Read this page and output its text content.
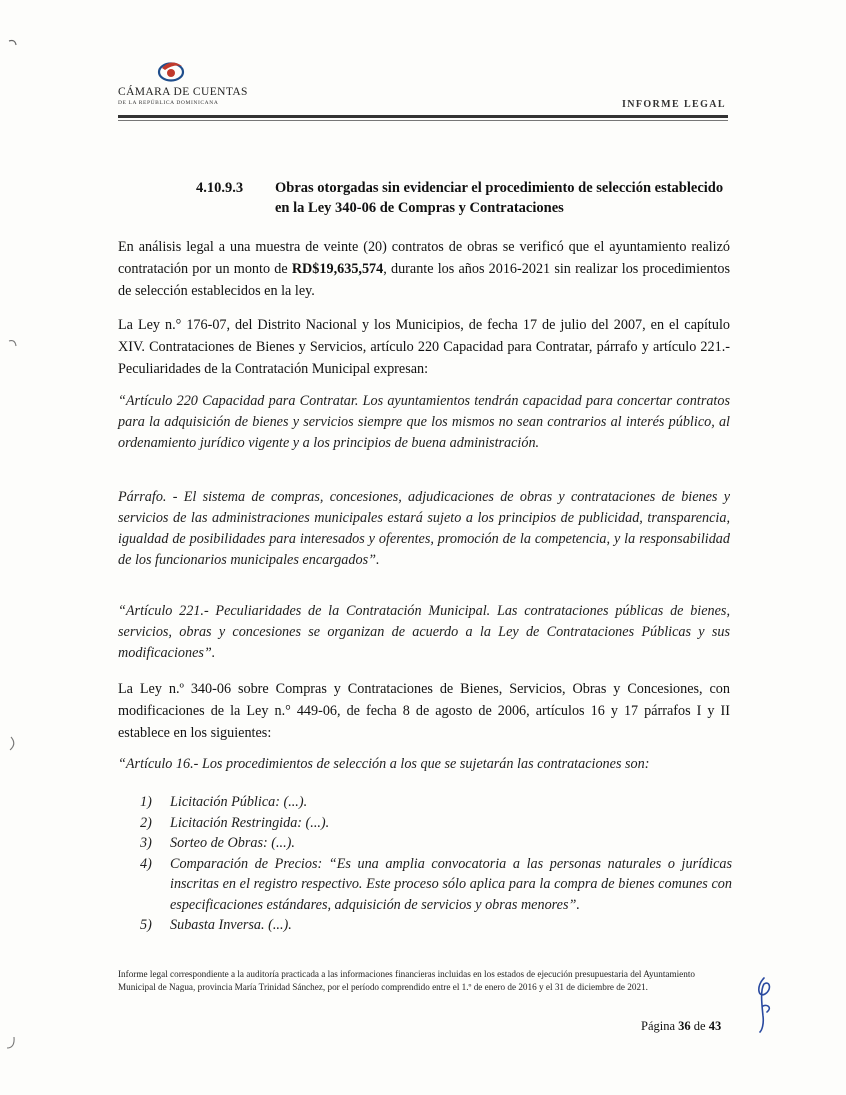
CÁMARA DE CUENTAS
DE LA REPÚBLICA DOMINICANA	INFORME LEGAL
4.10.9.3 Obras otorgadas sin evidenciar el procedimiento de selección establecido en la Ley 340-06 de Compras y Contrataciones

En análisis legal a una muestra de veinte (20) contratos de obras se verificó que el ayuntamiento realizó contratación por un monto de RD$19,635,574, durante los años 2016-2021 sin realizar los procedimientos de selección establecidos en la ley.

La Ley n.° 176-07, del Distrito Nacional y los Municipios, de fecha 17 de julio del 2007, en el capítulo XIV. Contrataciones de Bienes y Servicios, artículo 220 Capacidad para Contratar, párrafo y artículo 221.- Peculiaridades de la Contratación Municipal expresan:

“Artículo 220 Capacidad para Contratar. Los ayuntamientos tendrán capacidad para concertar contratos para la adquisición de bienes y servicios siempre que los mismos no sean contrarios al interés público, al ordenamiento jurídico vigente y a los principios de buena administración.

Párrafo. - El sistema de compras, concesiones, adjudicaciones de obras y contrataciones de bienes y servicios de las administraciones municipales estará sujeto a los principios de publicidad, transparencia, igualdad de posibilidades para interesados y oferentes, promoción de la competencia, y la responsabilidad de los funcionarios municipales encargados”.

“Artículo 221.- Peculiaridades de la Contratación Municipal. Las contrataciones públicas de bienes, servicios, obras y concesiones se organizan de acuerdo a la Ley de Contrataciones Públicas y sus modificaciones”.

La Ley n.º 340-06 sobre Compras y Contrataciones de Bienes, Servicios, Obras y Concesiones, con modificaciones de la Ley n.° 449-06, de fecha 8 de agosto de 2006, artículos 16 y 17 párrafos I y II establece en los siguientes:

“Artículo 16.- Los procedimientos de selección a los que se sujetarán las contrataciones son:

1) Licitación Pública: (...).
2) Licitación Restringida: (...).
3) Sorteo de Obras: (...).
4) Comparación de Precios: “Es una amplia convocatoria a las personas naturales o jurídicas inscritas en el registro respectivo. Este proceso sólo aplica para la compra de bienes comunes con especificaciones estándares, adquisición de servicios y obras menores”.
5) Subasta Inversa. (...).

Informe legal correspondiente a la auditoría practicada a las informaciones financieras incluidas en los estados de ejecución presupuestaria del Ayuntamiento Municipal de Nagua, provincia María Trinidad Sánchez, por el período comprendido entre el 1.º de enero de 2016 y el 31 de diciembre de 2021.

Página 36 de 43
